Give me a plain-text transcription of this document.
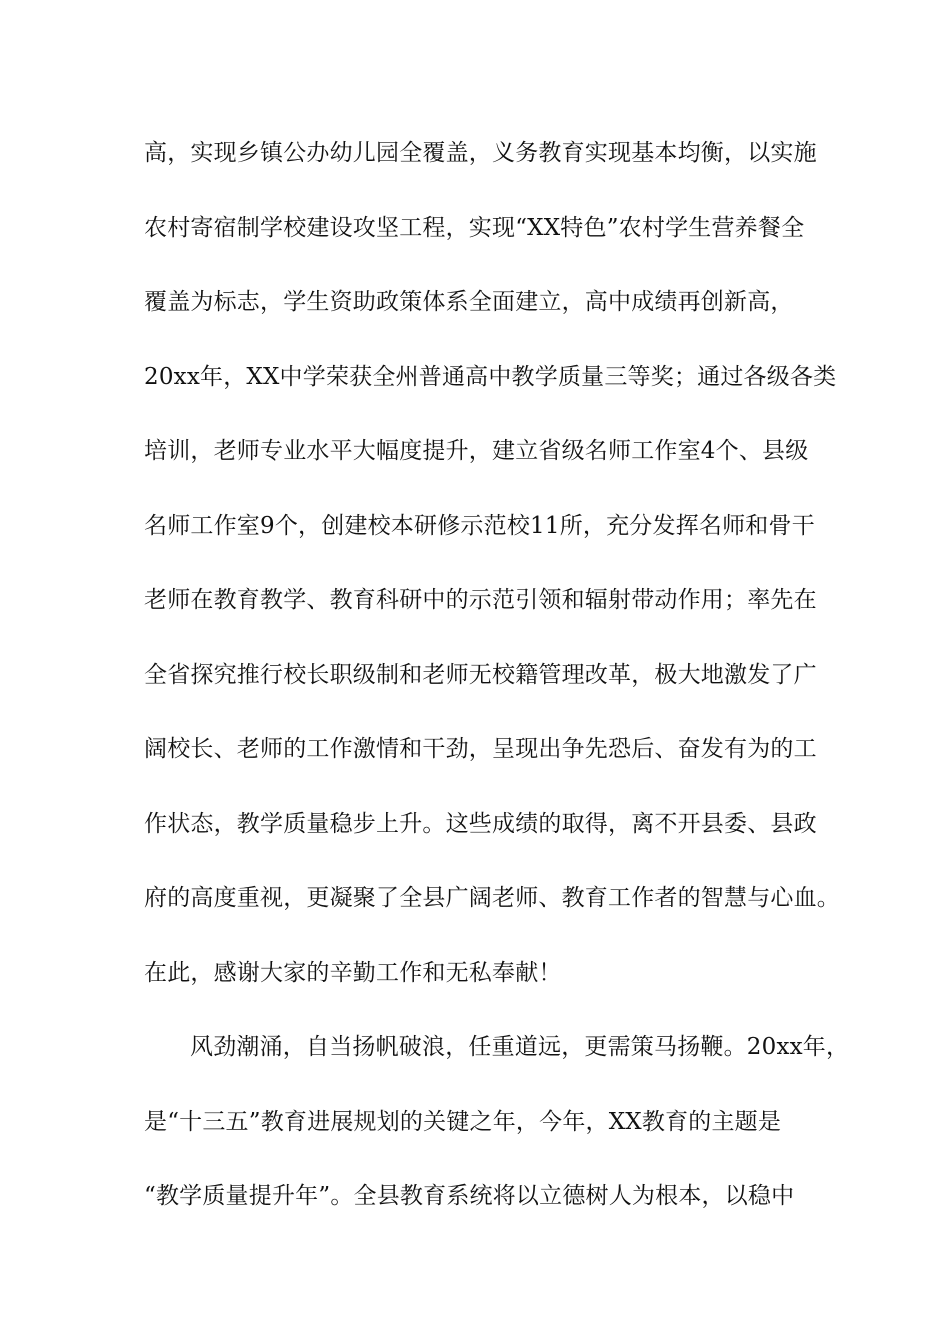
高，实现乡镇公办幼儿园全覆盖，义务教育实现基本均衡，以实施
农村寄宿制学校建设攻坚工程，实现“XX特色”农村学生营养餐全
覆盖为标志，学生资助政策体系全面建立，高中成绩再创新高，
20xx年，XX中学荣获全州普通高中教学质量三等奖；通过各级各类
培训，老师专业水平大幅度提升，建立省级名师工作室4个、县级
名师工作室9个，创建校本研修示范校11所，充分发挥名师和骨干
老师在教育教学、教育科研中的示范引领和辐射带动作用；率先在
全省探究推行校长职级制和老师无校籍管理改革，极大地激发了广
阔校长、老师的工作激情和干劲，呈现出争先恐后、奋发有为的工
作状态，教学质量稳步上升。这些成绩的取得，离不开县委、县政
府的高度重视，更凝聚了全县广阔老师、教育工作者的智慧与心血。
在此，感谢大家的辛勤工作和无私奉献！
风劲潮涌，自当扬帆破浪，任重道远，更需策马扬鞭。20xx年，
是“十三五”教育进展规划的关键之年，今年，XX教育的主题是
“教学质量提升年”。全县教育系统将以立德树人为根本，以稳中
